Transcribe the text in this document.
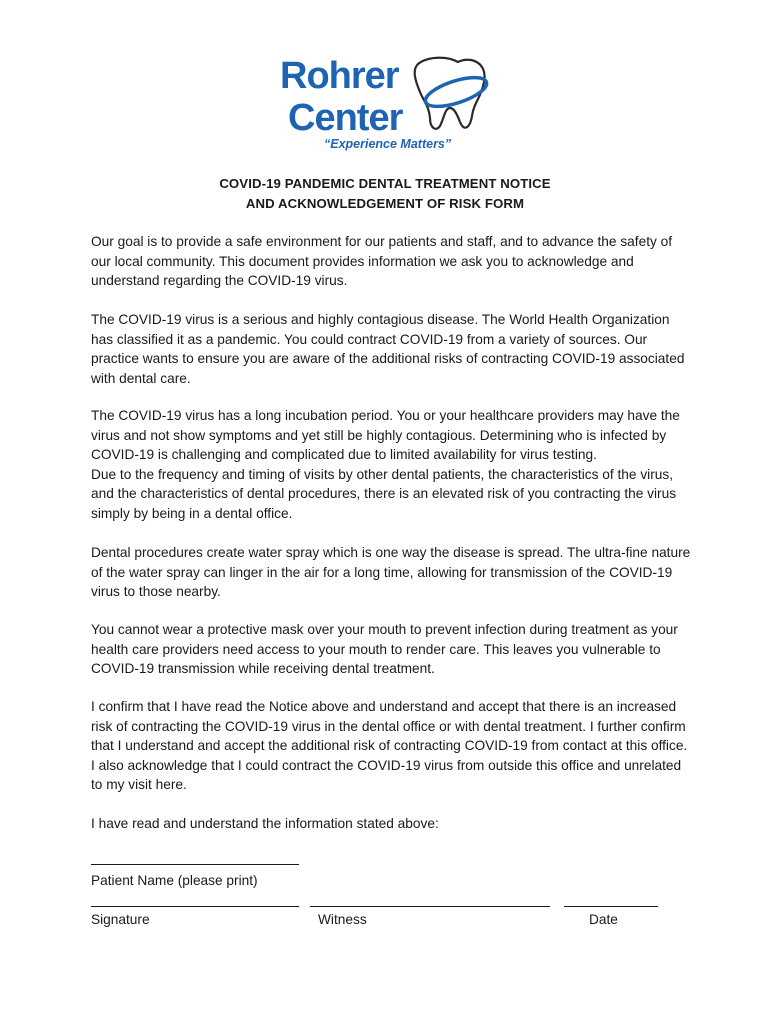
Rohrer
Center
“Experience Matters”
COVID-19 PANDEMIC DENTAL TREATMENT NOTICE
AND ACKNOWLEDGEMENT OF RISK FORM

Our goal is to provide a safe environment for our patients and staff, and to advance the safety of our local community. This document provides information we ask you to acknowledge and understand regarding the COVID-19 virus.

The COVID-19 virus is a serious and highly contagious disease. The World Health Organization has classified it as a pandemic. You could contract COVID-19 from a variety of sources. Our practice wants to ensure you are aware of the additional risks of contracting COVID-19 associated with dental care.

The COVID-19 virus has a long incubation period. You or your healthcare providers may have the virus and not show symptoms and yet still be highly contagious. Determining who is infected by COVID-19 is challenging and complicated due to limited availability for virus testing.
Due to the frequency and timing of visits by other dental patients, the characteristics of the virus, and the characteristics of dental procedures, there is an elevated risk of you contracting the virus simply by being in a dental office.

Dental procedures create water spray which is one way the disease is spread. The ultra-fine nature of the water spray can linger in the air for a long time, allowing for transmission of the COVID-19 virus to those nearby.

You cannot wear a protective mask over your mouth to prevent infection during treatment as your health care providers need access to your mouth to render care. This leaves you vulnerable to COVID-19 transmission while receiving dental treatment.

I confirm that I have read the Notice above and understand and accept that there is an increased risk of contracting the COVID-19 virus in the dental office or with dental treatment. I further confirm that I understand and accept the additional risk of contracting COVID-19 from contact at this office. I also acknowledge that I could contract the COVID-19 virus from outside this office and unrelated to my visit here.

I have read and understand the information stated above:

Patient Name (please print)
Signature	Witness	Date
